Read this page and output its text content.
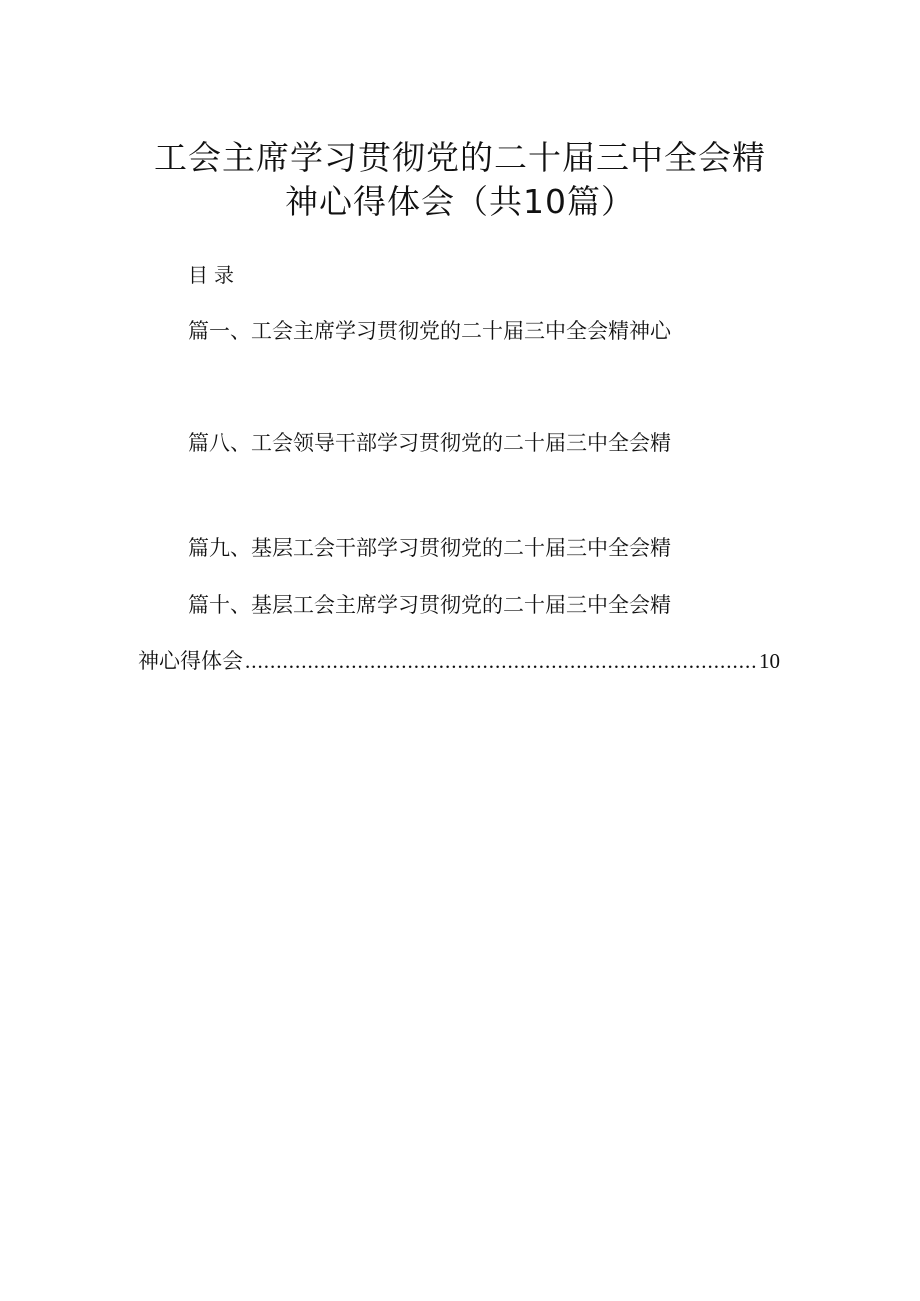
工会主席学习贯彻党的二十届三中全会精
神心得体会（共10篇）
目录
篇一、工会主席学习贯彻党的二十届三中全会精神心
篇八、工会领导干部学习贯彻党的二十届三中全会精
篇九、基层工会干部学习贯彻党的二十届三中全会精
篇十、基层工会主席学习贯彻党的二十届三中全会精
神心得体会
.....	10
